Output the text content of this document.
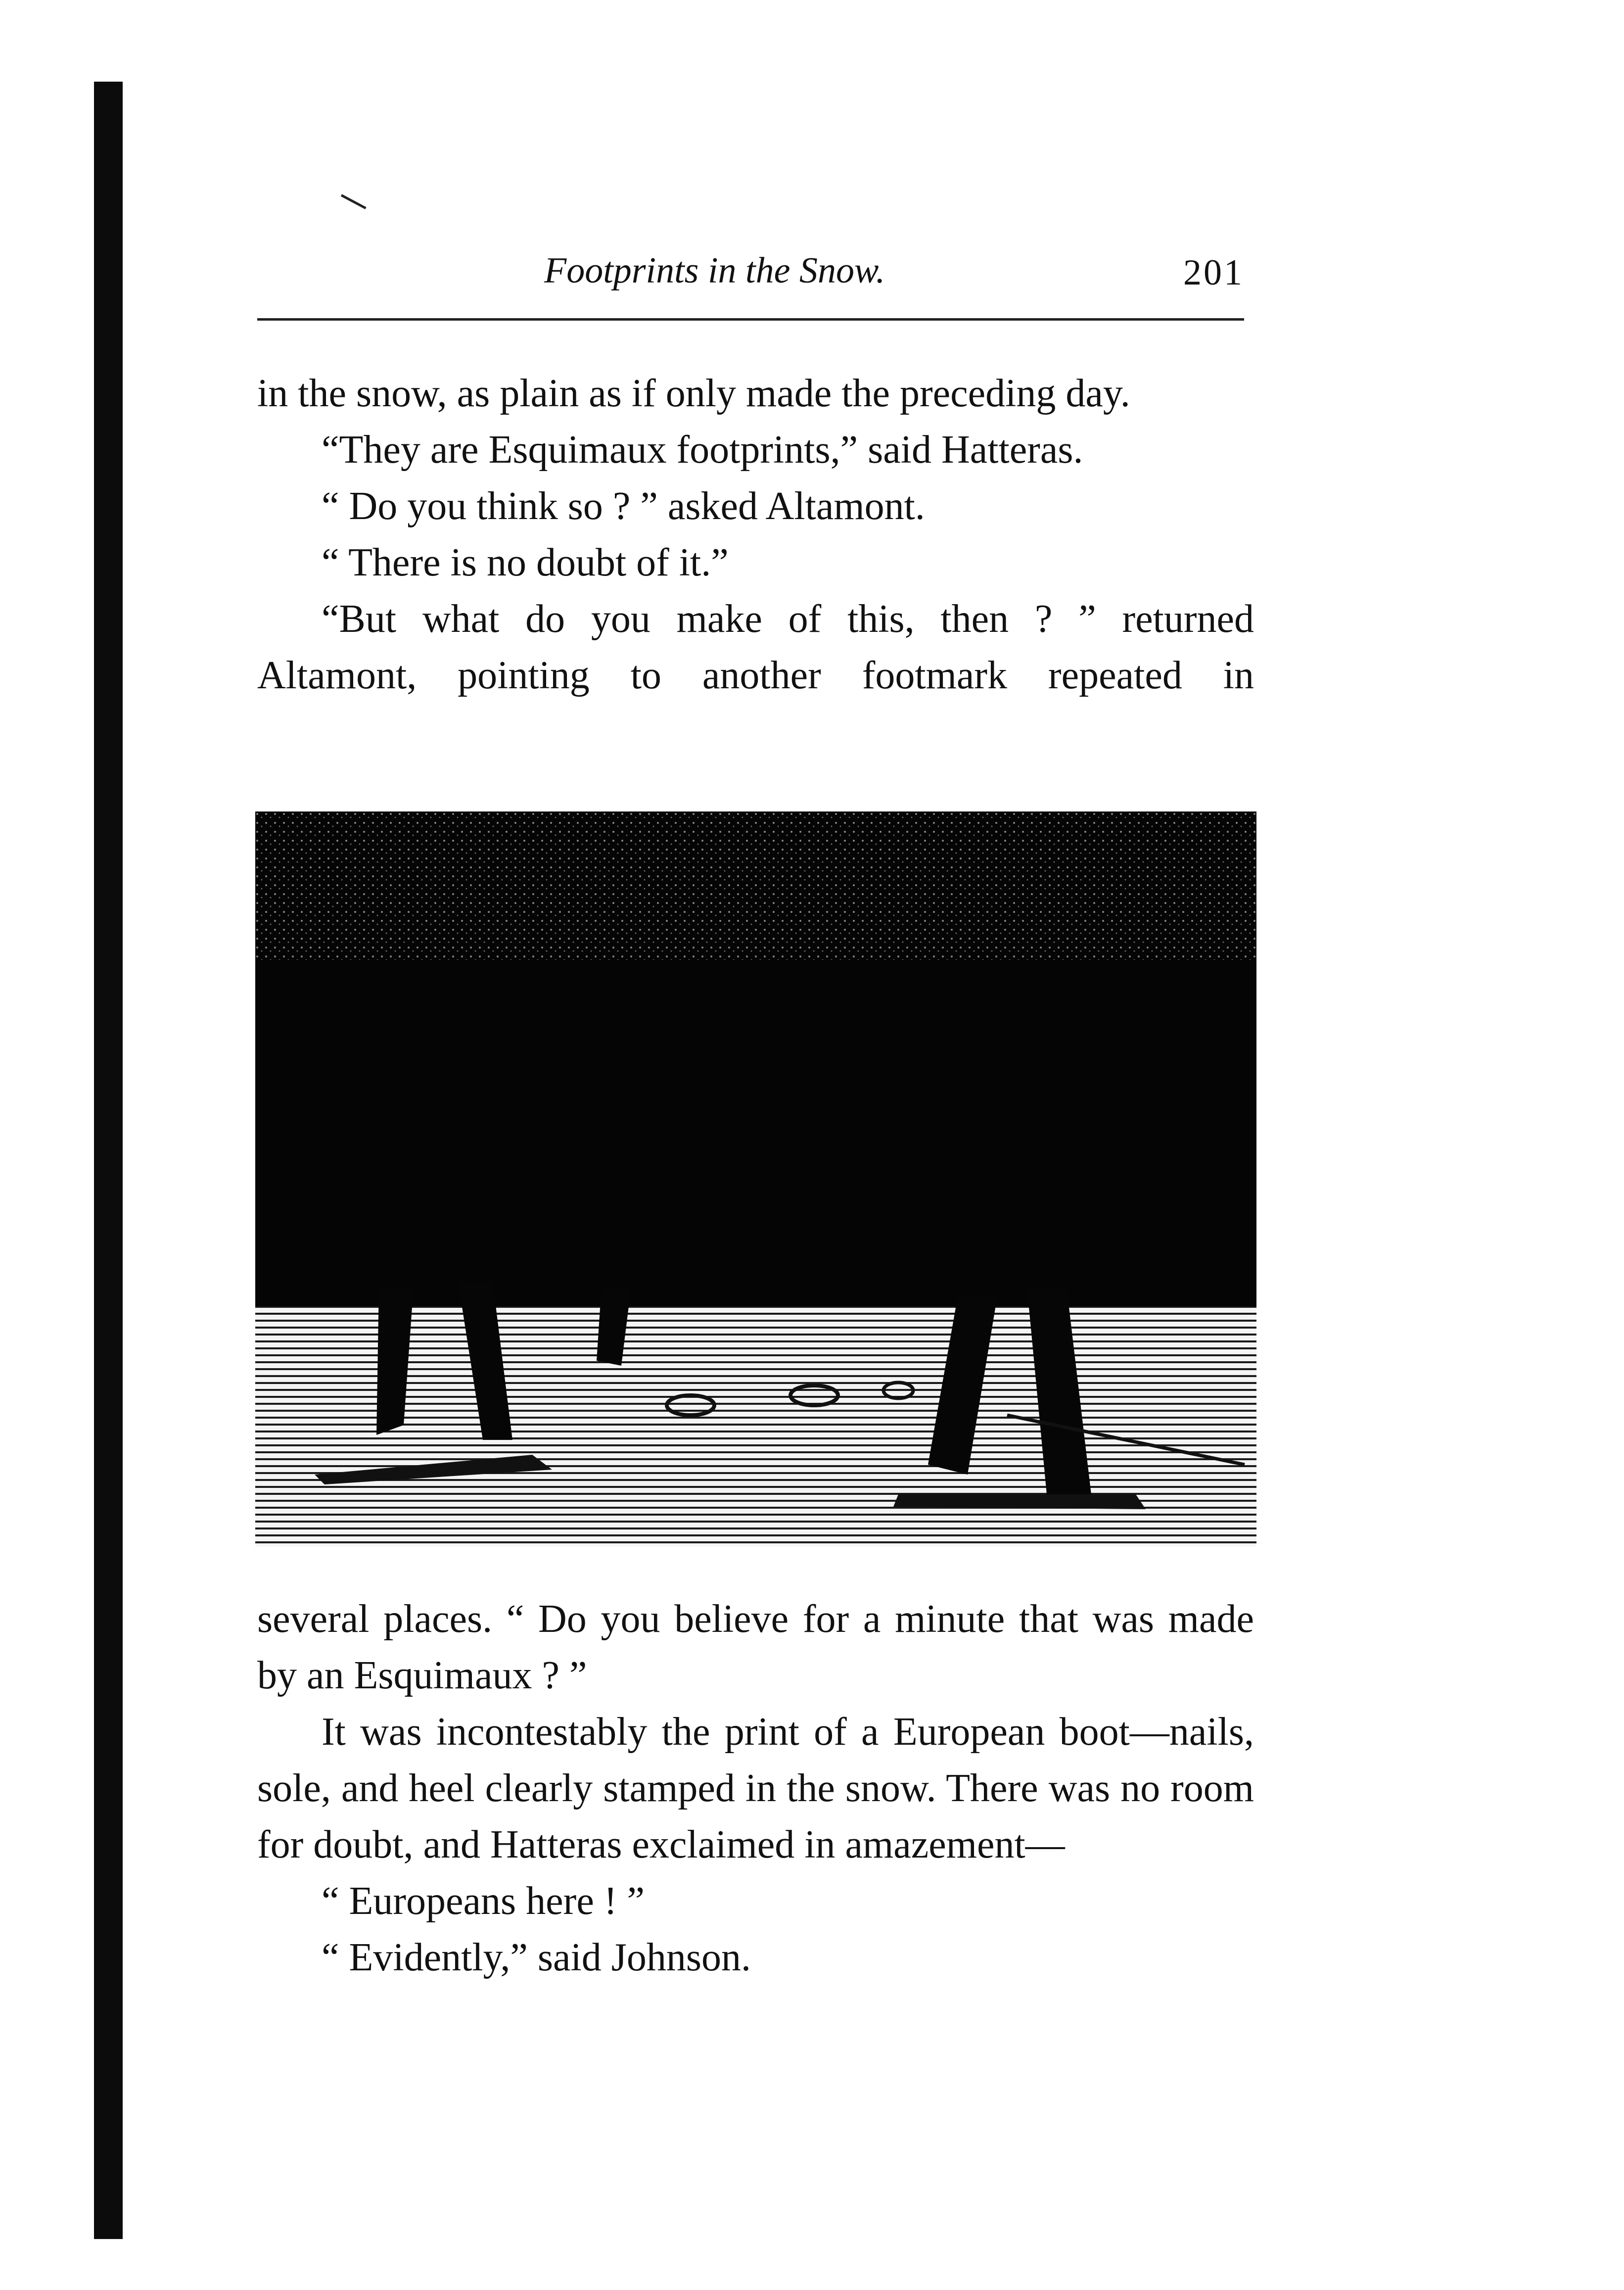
Footprints in the Snow.	201

in the snow, as plain as if only made the preceding day.

“They are Esquimaux footprints,” said Hatteras.

“ Do you think so ? ” asked Altamont.

“ There is no doubt of it.”

“But what do you make of this, then ? ” returned Altamont, pointing to another footmark repeated in

several places. “ Do you believe for a minute that was made by an Esquimaux ? ”

It was incontestably the print of a European boot—nails, sole, and heel clearly stamped in the snow. There was no room for doubt, and Hatteras exclaimed in amazement—

“ Europeans here ! ”

“ Evidently,” said Johnson.
